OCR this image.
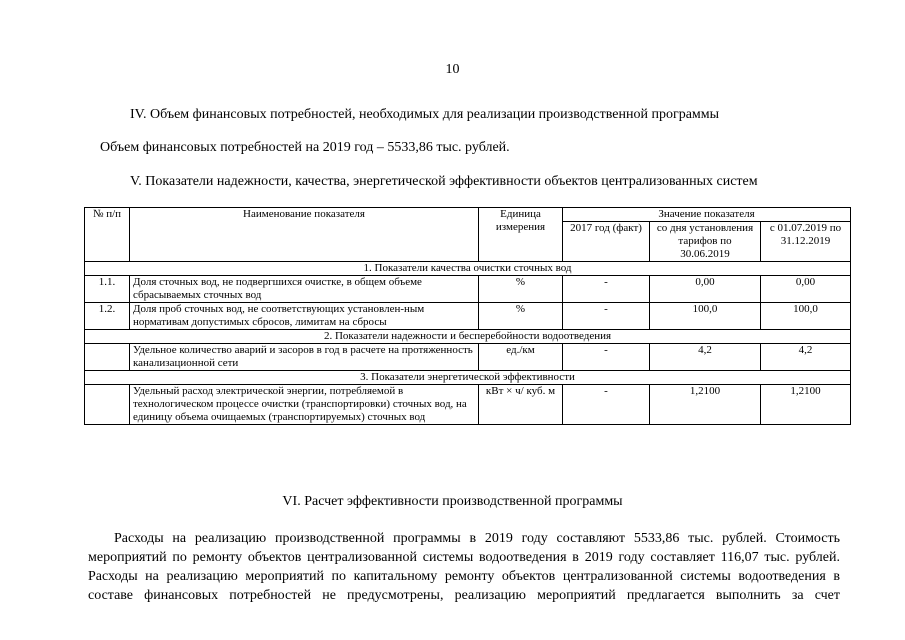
10
IV. Объем финансовых потребностей, необходимых для реализации производственной программы
Объем финансовых потребностей на 2019 год – 5533,86 тыс. рублей.
V. Показатели надежности, качества, энергетической эффективности объектов централизованных систем
№ п/п	Наименование показателя	Единица измерения	Значение показателя		
			2017 год (факт)	со дня установления тарифов по 30.06.2019	с 01.07.2019 по 31.12.2019
1. Показатели качества очистки сточных вод					
1.1.	Доля сточных вод, не подвергшихся очистке, в общем объеме сбрасываемых сточных вод	%	-	0,00	0,00
1.2.	Доля проб сточных вод, не соответствующих установлен-ным нормативам допустимых сбросов, лимитам на сбросы	%	-	100,0	100,0
2. Показатели надежности и бесперебойности водоотведения					
	Удельное количество аварий и засоров в год в расчете на протяженность канализационной сети	ед./км	-	4,2	4,2
3. Показатели энергетической эффективности					
	Удельный расход электрической энергии, потребляемой в технологическом процессе очистки (транспортировки) сточных вод, на единицу объема очищаемых (транспортируемых) сточных вод	кВт × ч/ куб. м	-	1,2100	1,2100
VI. Расчет эффективности производственной программы
Расходы на реализацию производственной программы в 2019 году составляют 5533,86 тыс. рублей. Стоимость
мероприятий по ремонту объектов централизованной системы водоотведения в 2019 году составляет 116,07 тыс. рублей.
Расходы на реализацию мероприятий по капитальному ремонту объектов централизованной системы водоотведения в
составе финансовых потребностей не предусмотрены, реализацию мероприятий предлагается выполнить за счет
